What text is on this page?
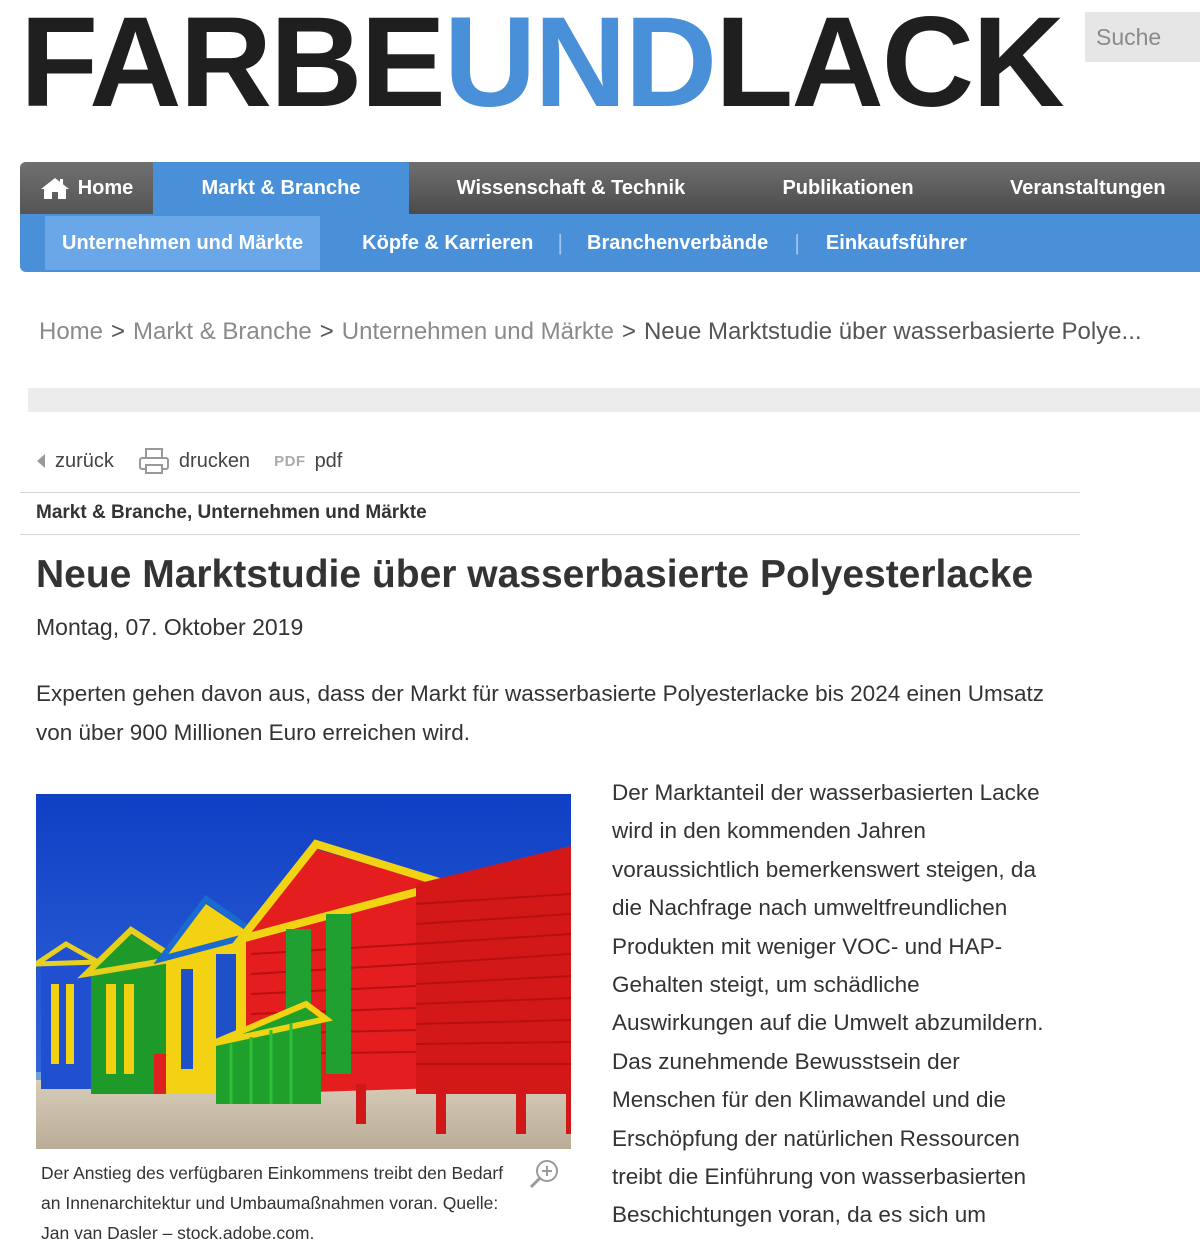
FARBEUNDLACK
Suche
Home	Markt & Branche	Wissenschaft & Technik	Publikationen	Veranstaltungen
Unternehmen und Märkte	Köpfe & Karrieren	|	Branchenverbände	|	Einkaufsführer
Home > Markt & Branche > Unternehmen und Märkte > Neue Marktstudie über wasserbasierte Polye...
zurück	drucken PDF pdf
Markt & Branche, Unternehmen und Märkte
Neue Marktstudie über wasserbasierte Polyesterlacke
Montag, 07. Oktober 2019

Experten gehen davon aus, dass der Markt für wasserbasierte Polyesterlacke bis 2024 einen Umsatz von über 900 Millionen Euro erreichen wird.

Der Anstieg des verfügbaren Einkommens treibt den Bedarf an Innenarchitektur und Umbaumaßnahmen voran. Quelle: Jan van Dasler – stock.adobe.com.

Der Marktanteil der wasserbasierten Lacke wird in den kommenden Jahren voraussichtlich bemerkenswert steigen, da die Nachfrage nach umweltfreundlichen Produkten mit weniger VOC- und HAP-Gehalten steigt, um schädliche Auswirkungen auf die Umwelt abzumildern. Das zunehmende Bewusstsein der Menschen für den Klimawandel und die Erschöpfung der natürlichen Ressourcen treibt die Einführung von wasserbasierten Beschichtungen voran, da es sich um
